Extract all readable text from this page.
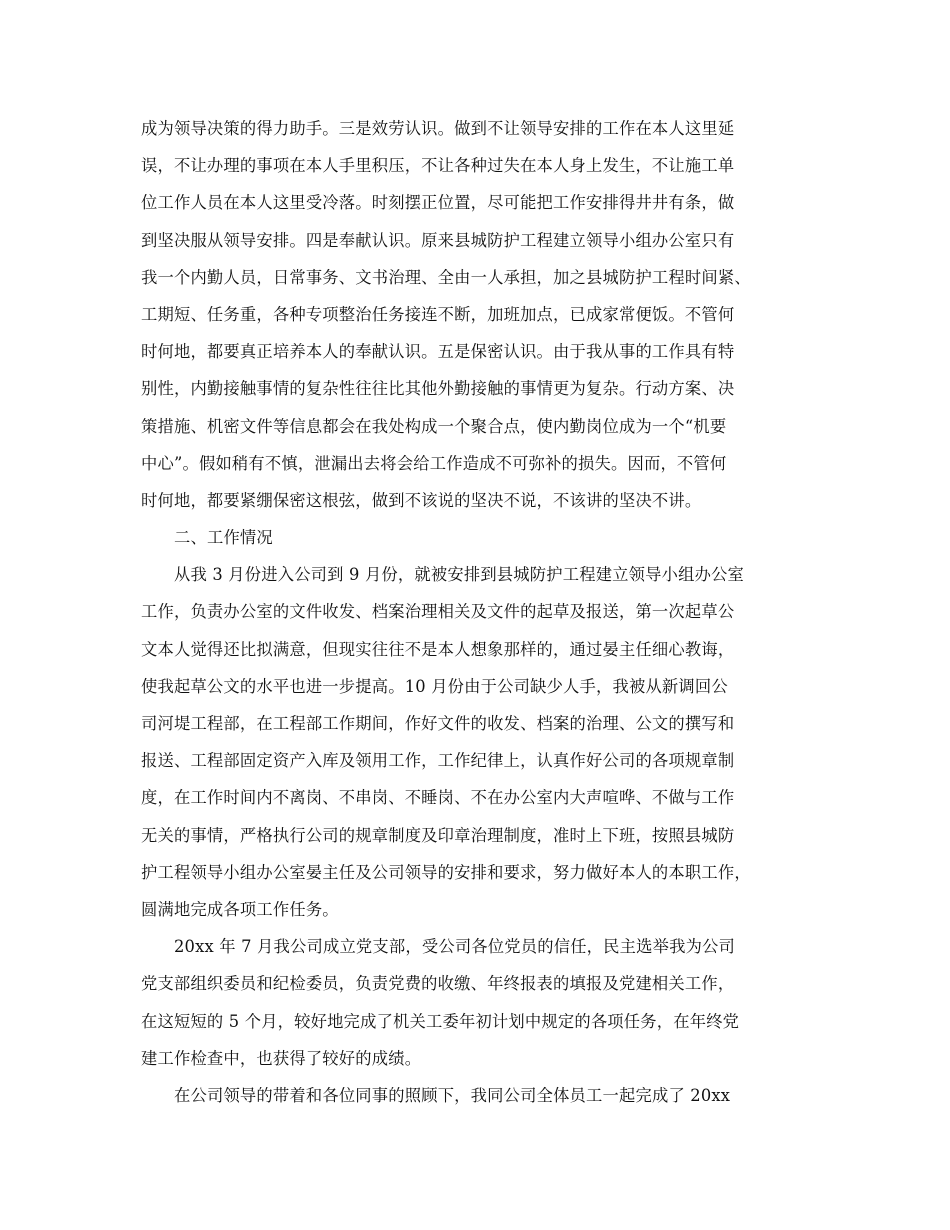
成为领导决策的得力助手。三是效劳认识。做到不让领导安排的工作在本人这里延
误，不让办理的事项在本人手里积压，不让各种过失在本人身上发生，不让施工单
位工作人员在本人这里受冷落。时刻摆正位置，尽可能把工作安排得井井有条，做
到坚决服从领导安排。四是奉献认识。原来县城防护工程建立领导小组办公室只有
我一个内勤人员，日常事务、文书治理、全由一人承担，加之县城防护工程时间紧、
工期短、任务重，各种专项整治任务接连不断，加班加点，已成家常便饭。不管何
时何地，都要真正培养本人的奉献认识。五是保密认识。由于我从事的工作具有特
别性，内勤接触事情的复杂性往往比其他外勤接触的事情更为复杂。行动方案、决
策措施、机密文件等信息都会在我处构成一个聚合点，使内勤岗位成为一个“机要
中心”。假如稍有不慎，泄漏出去将会给工作造成不可弥补的损失。因而，不管何
时何地，都要紧绷保密这根弦，做到不该说的坚决不说，不该讲的坚决不讲。
二、工作情况
从我 3 月份进入公司到 9 月份，就被安排到县城防护工程建立领导小组办公室
工作，负责办公室的文件收发、档案治理相关及文件的起草及报送，第一次起草公
文本人觉得还比拟满意，但现实往往不是本人想象那样的，通过晏主任细心教诲，
使我起草公文的水平也进一步提高。10 月份由于公司缺少人手，我被从新调回公
司河堤工程部，在工程部工作期间，作好文件的收发、档案的治理、公文的撰写和
报送、工程部固定资产入库及领用工作，工作纪律上，认真作好公司的各项规章制
度，在工作时间内不离岗、不串岗、不睡岗、不在办公室内大声喧哗、不做与工作
无关的事情，严格执行公司的规章制度及印章治理制度，准时上下班，按照县城防
护工程领导小组办公室晏主任及公司领导的安排和要求，努力做好本人的本职工作，
圆满地完成各项工作任务。
20xx 年 7 月我公司成立党支部，受公司各位党员的信任，民主选举我为公司
党支部组织委员和纪检委员，负责党费的收缴、年终报表的填报及党建相关工作，
在这短短的 5 个月，较好地完成了机关工委年初计划中规定的各项任务，在年终党
建工作检查中，也获得了较好的成绩。
在公司领导的带着和各位同事的照顾下，我同公司全体员工一起完成了 20xx
